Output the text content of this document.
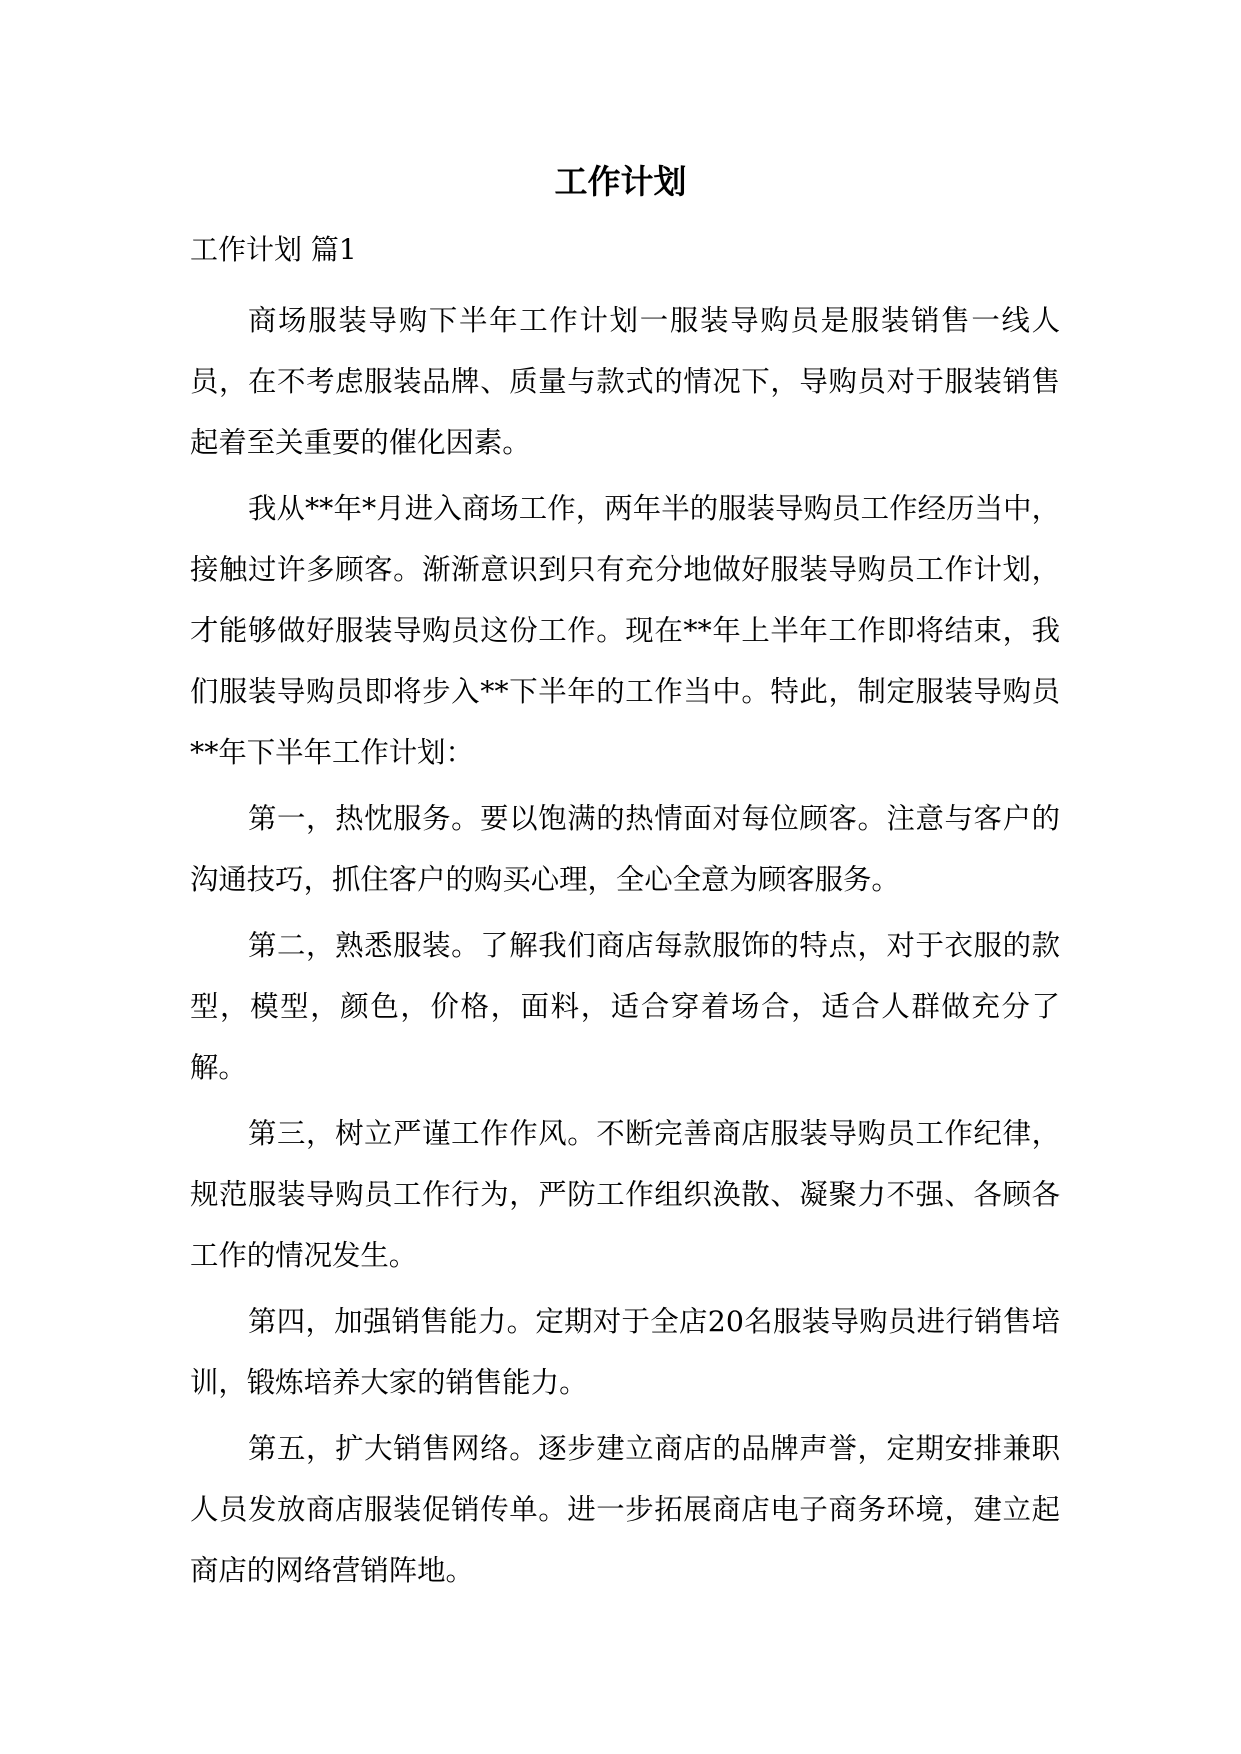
工作计划

工作计划 篇1

商场服装导购下半年工作计划一服装导购员是服装销售一线人员，在不考虑服装品牌、质量与款式的情况下，导购员对于服装销售起着至关重要的催化因素。

我从**年*月进入商场工作，两年半的服装导购员工作经历当中，接触过许多顾客。渐渐意识到只有充分地做好服装导购员工作计划，才能够做好服装导购员这份工作。现在**年上半年工作即将结束，我们服装导购员即将步入**下半年的工作当中。特此，制定服装导购员**年下半年工作计划：

第一，热忱服务。要以饱满的热情面对每位顾客。注意与客户的沟通技巧，抓住客户的购买心理，全心全意为顾客服务。

第二，熟悉服装。了解我们商店每款服饰的特点，对于衣服的款型，模型，颜色，价格，面料，适合穿着场合，适合人群做充分了解。

第三，树立严谨工作作风。不断完善商店服装导购员工作纪律，规范服装导购员工作行为，严防工作组织涣散、凝聚力不强、各顾各工作的情况发生。

第四，加强销售能力。定期对于全店20名服装导购员进行销售培训，锻炼培养大家的销售能力。

第五，扩大销售网络。逐步建立商店的品牌声誉，定期安排兼职人员发放商店服装促销传单。进一步拓展商店电子商务环境，建立起商店的网络营销阵地。
